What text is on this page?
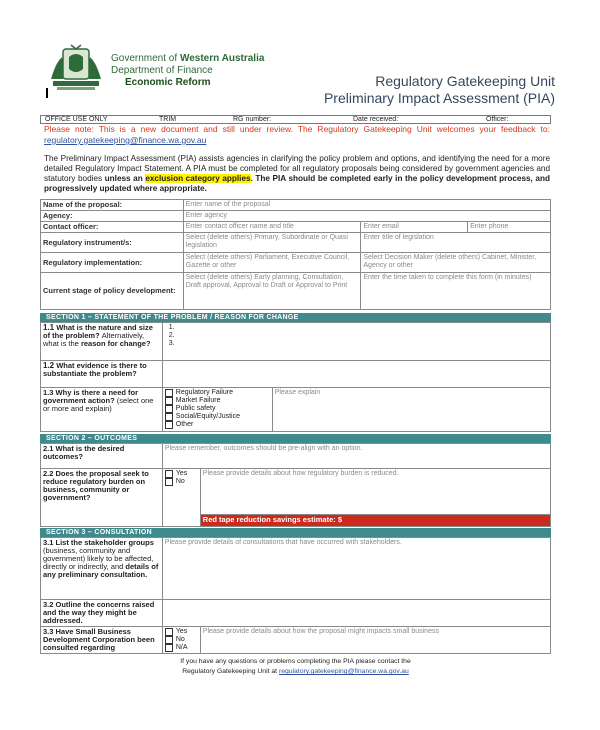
Government of Western Australia
Department of Finance
Economic Reform	Regulatory Gatekeeping Unit
Preliminary Impact Assessment (PIA)
OFFICE USE ONLY	TRIM	RG number:	Date received:	Officer:
Please note: This is a new document and still under review. The Regulatory Gatekeeping Unit welcomes your feedback to: regulatory.gatekeeping@finance.wa.gov.au
The Preliminary Impact Assessment (PIA) assists agencies in clarifying the policy problem and options, and identifying the need for a more detailed Regulatory Impact Statement. A PIA must be completed for all regulatory proposals being considered by government agencies and statutory bodies unless an exclusion category applies. The PIA should be completed early in the policy development process, and progressively updated where appropriate.
Name of the proposal:	Enter name of the proposal		
Agency:	Enter agency		
Contact officer:	Enter contact officer name and title	Enter email	Enter phone
Regulatory instrument/s:	Select (delete others) Primary, Subordinate or Quasi legislation	Enter title of legislation	
Regulatory implementation:	Select (delete others) Parliament, Executive Council, Gazette or other	Select Decision Maker (delete others) Cabinet, Minister, Agency or other	
Current stage of policy development:	Select (delete others) Early planning, Consultation, Draft approval, Approval to Draft or Approval to Print	Enter the time taken to complete this form (in minutes)	
SECTION 1 – STATEMENT OF THE PROBLEM / REASON FOR CHANGE
1.1 What is the nature and size of the problem? Alternatively, what is the reason for change?	1.
2.
3.	

1.2 What evidence is there to substantiate the problem?		
1.3 Why is there a need for government action? (select one or more and explain)	Regulatory Failure
Market Failure
Public safety
Social/Equity/Justice
Other	Please explain
SECTION 2 – OUTCOMES
2.1 What is the desired outcomes?	Please remember, outcomes should be pre-align with an option.	
2.2 Does the proposal seek to reduce regulatory burden on business, community or government?	Yes
No	Please provide details about how regulatory burden is reduced.
		Red tape reduction savings estimate: $
SECTION 3 – CONSULTATION
3.1 List the stakeholder groups (business, community and government) likely to be affected, directly or indirectly, and details of any preliminary consultation.	Please provide details of consultations that have occurred with stakeholders.	
3.2 Outline the concerns raised and the way they might be addressed.		
3.3 Have Small Business Development Corporation been consulted regarding	Yes
No
N/A	Please provide details about how the proposal might impacts small business
If you have any questions or problems completing the PIA please contact the
Regulatory Gatekeeping Unit at regulatory.gatekeeping@finance.wa.gov.au
